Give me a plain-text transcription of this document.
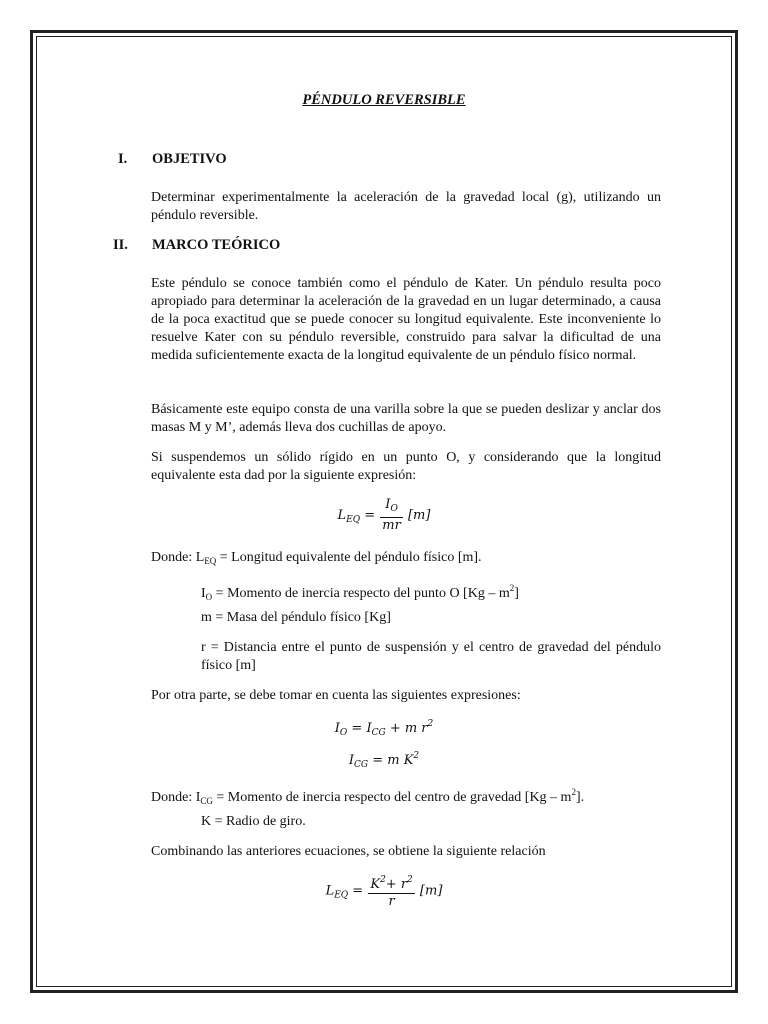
PÉNDULO REVERSIBLE
I. OBJETIVO
Determinar experimentalmente la aceleración de la gravedad local (g), utilizando un péndulo reversible.
II. MARCO TEÓRICO
Este péndulo se conoce también como el péndulo de Kater. Un péndulo resulta poco apropiado para determinar la aceleración de la gravedad en un lugar determinado, a causa de la poca exactitud que se puede conocer su longitud equivalente. Este inconveniente lo resuelve Kater con su péndulo reversible, construido para salvar la dificultad de una medida suficientemente exacta de la longitud equivalente de un péndulo físico normal.
Básicamente este equipo consta de una varilla sobre la que se pueden deslizar y anclar dos masas M y M’, además lleva dos cuchillas de apoyo.
Si suspendemos un sólido rígido en un punto O, y considerando que la longitud equivalente esta dad por la siguiente expresión:
$L_{EQ} = \frac{I_O}{mr} [m]$
Donde: $L_{EQ}$ = Longitud equivalente del péndulo físico [m].
$I_O$ = Momento de inercia respecto del punto O $[Kg - m^2]$
m = Masa del péndulo físico [Kg]
r = Distancia entre el punto de suspensión y el centro de gravedad del péndulo físico [m]
Por otra parte, se debe tomar en cuenta las siguientes expresiones:
$I_O = I_{CG} + m$ $r^2$
$I_{CG} = m$ $K^2$
Donde: $I_{CG}$ = Momento de inercia respecto del centro de gravedad $[Kg - m^2]$.
K = Radio de giro.
Combinando las anteriores ecuaciones, se obtiene la siguiente relación
$L_{EQ} = \frac{K^2+ r^2}{r} [m]$
